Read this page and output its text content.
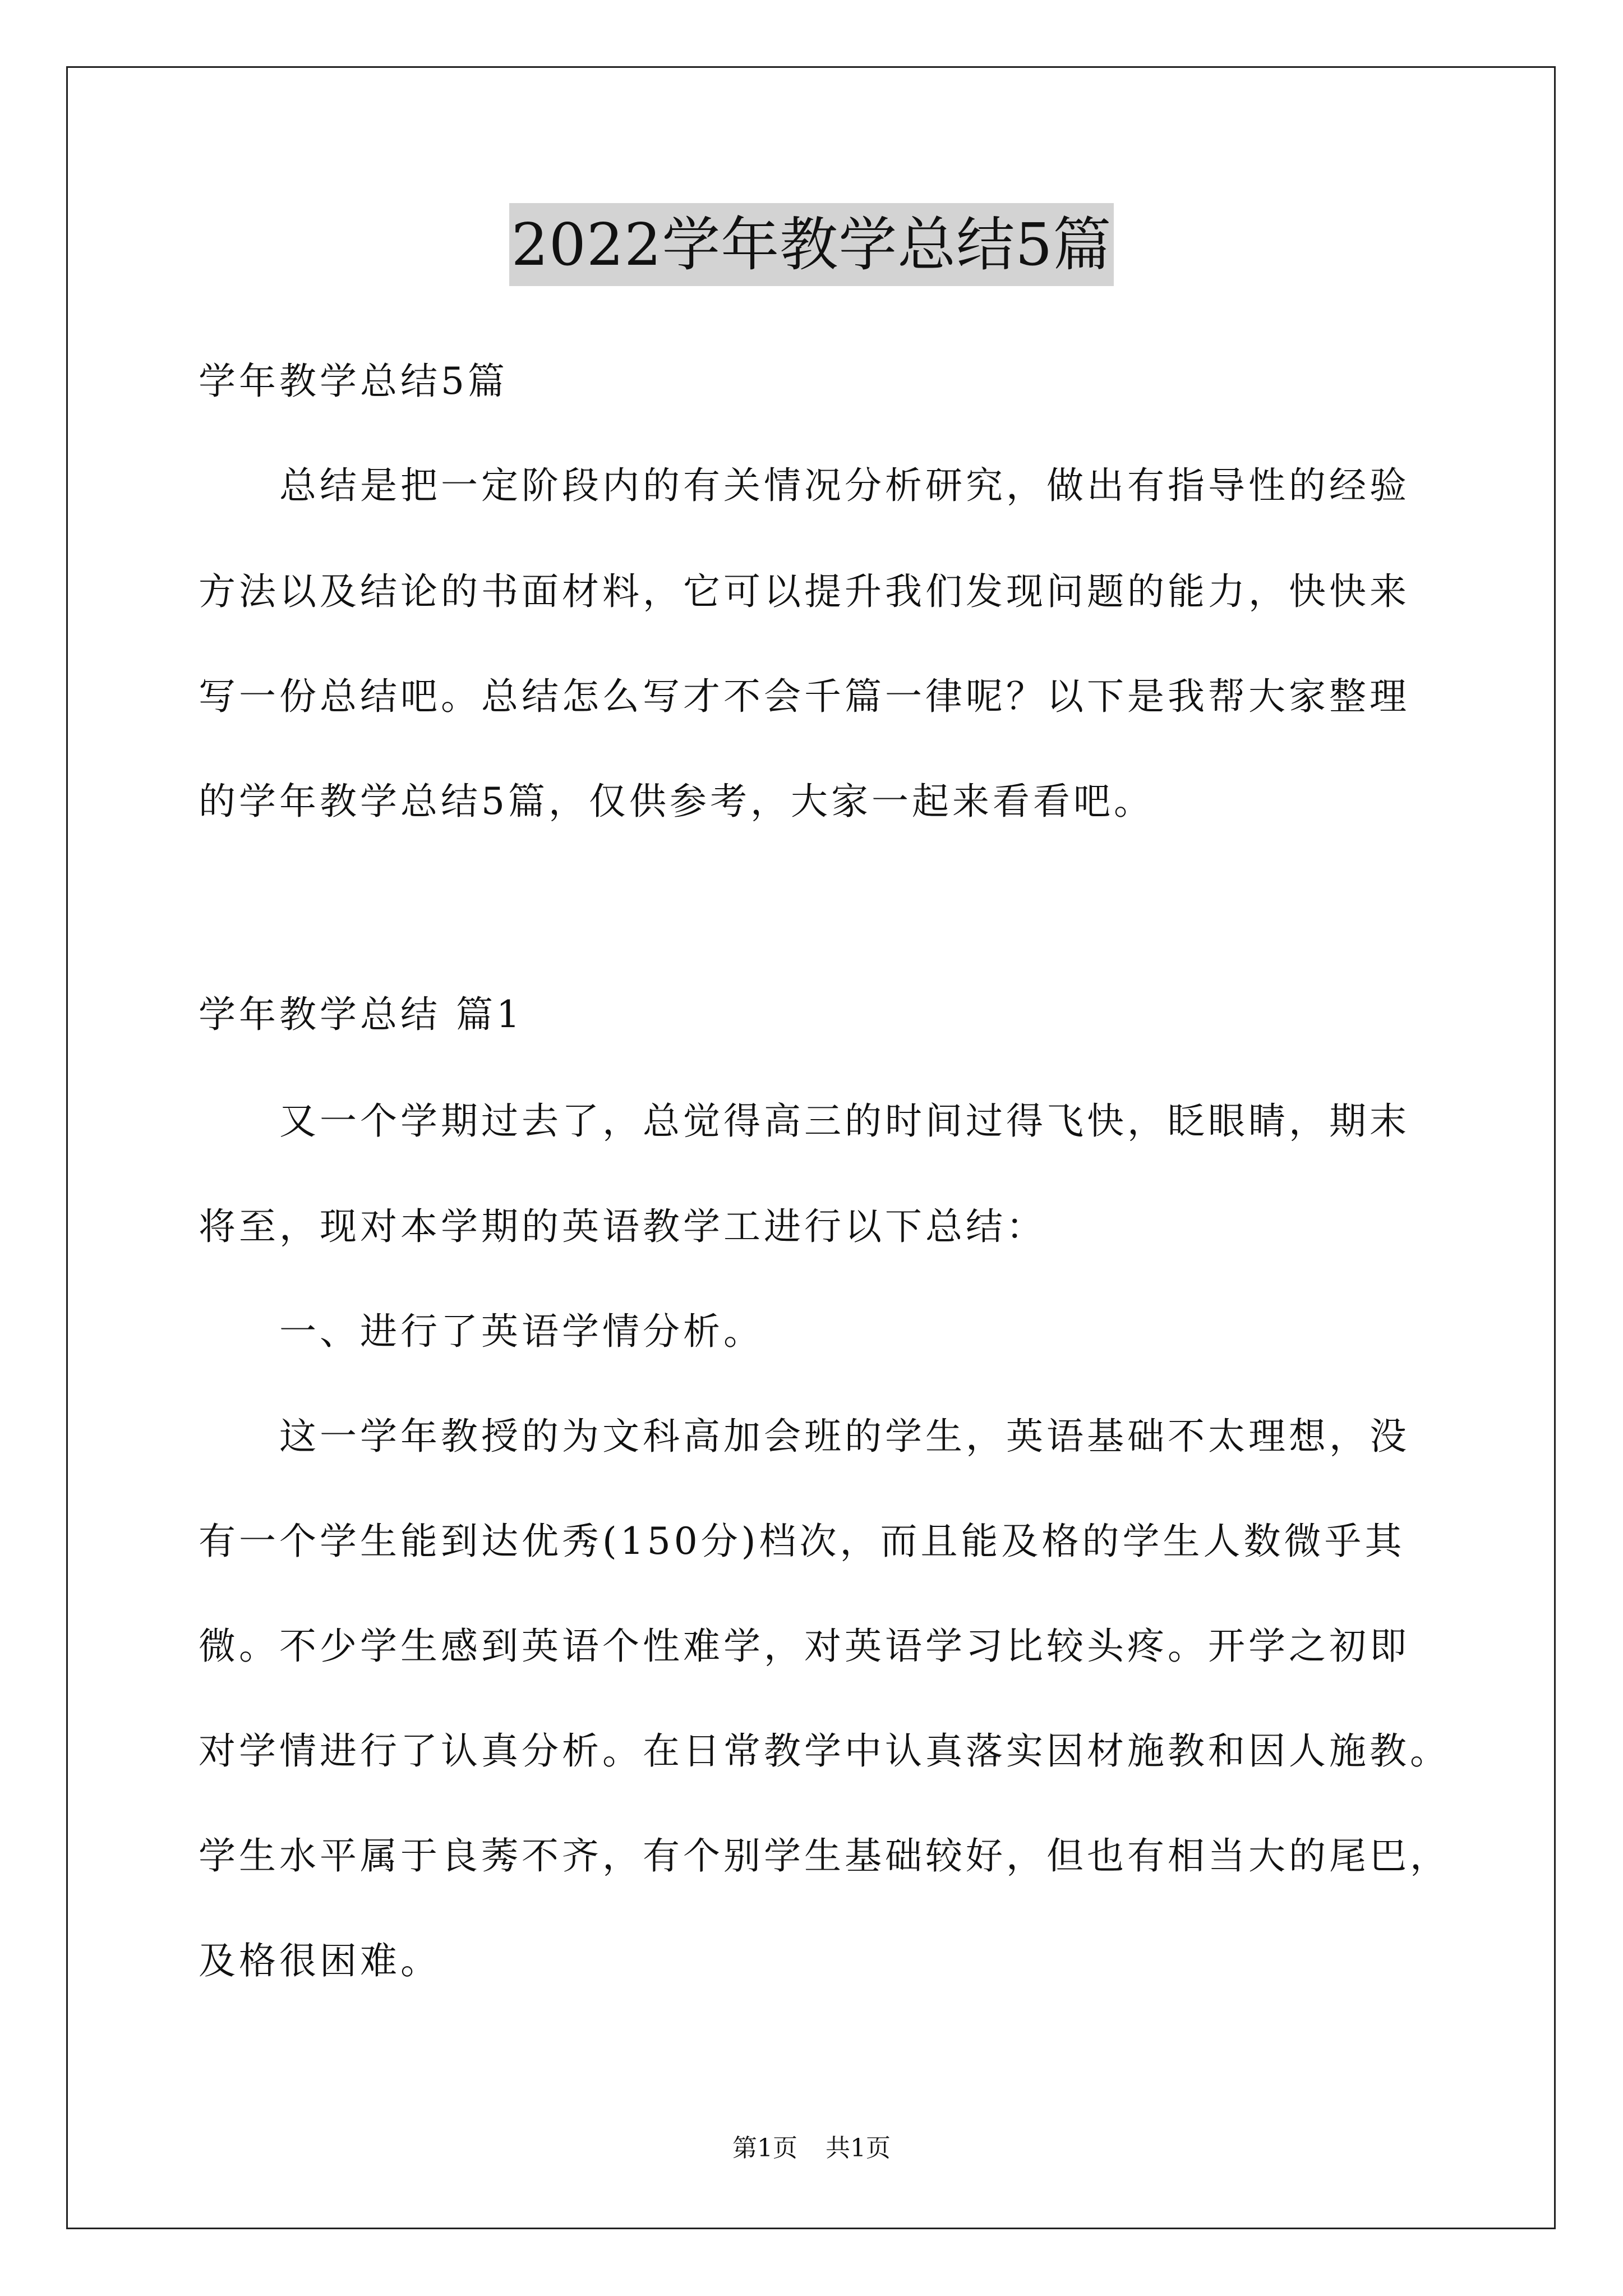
2022学年教学总结5篇
学年教学总结5篇
总结是把一定阶段内的有关情况分析研究，做出有指导性的经验
方法以及结论的书面材料，它可以提升我们发现问题的能力，快快来
写一份总结吧。总结怎么写才不会千篇一律呢？以下是我帮大家整理
的学年教学总结5篇，仅供参考，大家一起来看看吧。
学年教学总结 篇1
又一个学期过去了，总觉得高三的时间过得飞快，眨眼睛，期末
将至，现对本学期的英语教学工进行以下总结：
一、进行了英语学情分析。
这一学年教授的为文科高加会班的学生，英语基础不太理想，没
有一个学生能到达优秀(150分)档次，而且能及格的学生人数微乎其
微。不少学生感到英语个性难学，对英语学习比较头疼。开学之初即
对学情进行了认真分析。在日常教学中认真落实因材施教和因人施教。
学生水平属于良莠不齐，有个别学生基础较好，但也有相当大的尾巴，
及格很困难。
第1页 共1页
